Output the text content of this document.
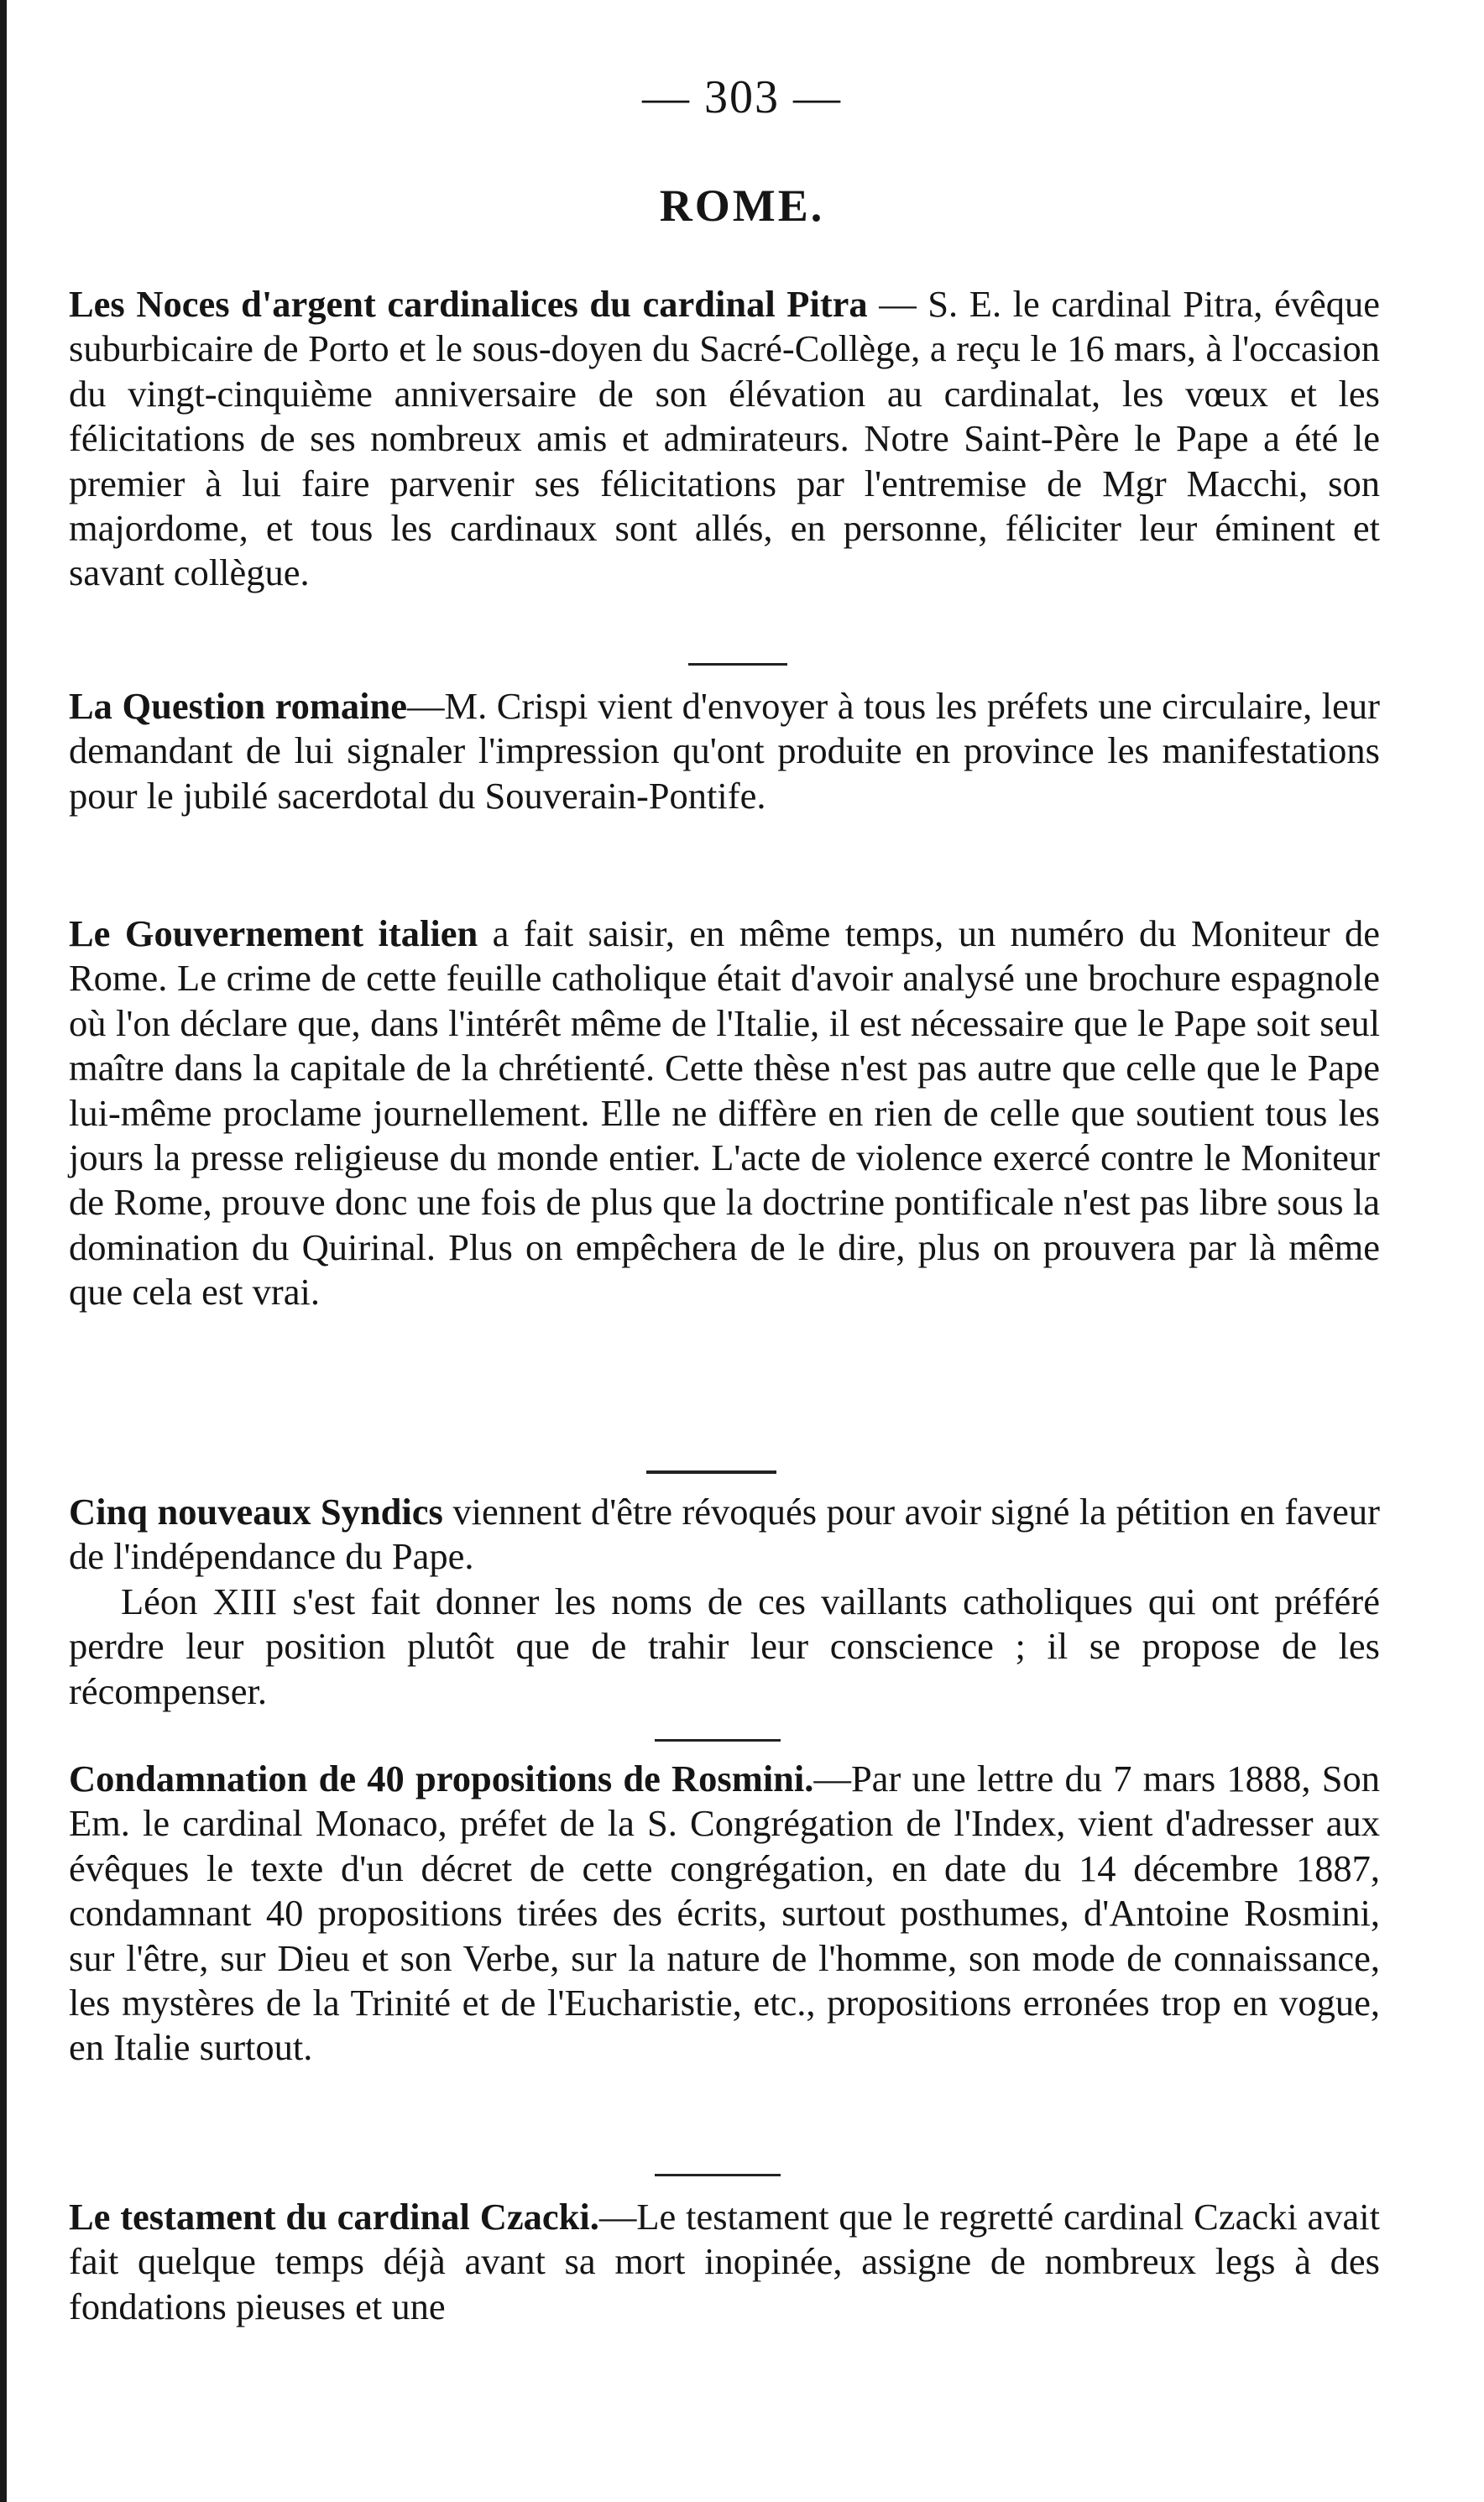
— 303 —
ROME.

Les Noces d'argent cardinalices du cardinal Pitra — S. E. le cardinal Pitra, évêque suburbicaire de Porto et le sous-doyen du Sacré-Collège, a reçu le 16 mars, à l'occasion du vingt-cinquième anniversaire de son élévation au cardinalat, les vœux et les félicitations de ses nombreux amis et admirateurs. Notre Saint-Père le Pape a été le premier à lui faire parvenir ses félicitations par l'entremise de Mgr Macchi, son majordome, et tous les cardinaux sont allés, en personne, féliciter leur éminent et savant collègue.

La Question romaine—M. Crispi vient d'envoyer à tous les préfets une circulaire, leur demandant de lui signaler l'impression qu'ont produite en province les manifestations pour le jubilé sacerdotal du Souverain-Pontife.

Le Gouvernement italien a fait saisir, en même temps, un numéro du Moniteur de Rome. Le crime de cette feuille catholique était d'avoir analysé une brochure espagnole où l'on déclare que, dans l'intérêt même de l'Italie, il est nécessaire que le Pape soit seul maître dans la capitale de la chrétienté. Cette thèse n'est pas autre que celle que le Pape lui-même proclame journellement. Elle ne diffère en rien de celle que soutient tous les jours la presse religieuse du monde entier. L'acte de violence exercé contre le Moniteur de Rome, prouve donc une fois de plus que la doctrine pontificale n'est pas libre sous la domination du Quirinal. Plus on empêchera de le dire, plus on prouvera par là même que cela est vrai.

Cinq nouveaux Syndics viennent d'être révoqués pour avoir signé la pétition en faveur de l'indépendance du Pape.
Léon XIII s'est fait donner les noms de ces vaillants catholiques qui ont préféré perdre leur position plutôt que de trahir leur conscience ; il se propose de les récompenser.

Condamnation de 40 propositions de Rosmini.—Par une lettre du 7 mars 1888, Son Em. le cardinal Monaco, préfet de la S. Congrégation de l'Index, vient d'adresser aux évêques le texte d'un décret de cette congrégation, en date du 14 décembre 1887, condamnant 40 propositions tirées des écrits, surtout posthumes, d'Antoine Rosmini, sur l'être, sur Dieu et son Verbe, sur la nature de l'homme, son mode de connaissance, les mystères de la Trinité et de l'Eucharistie, etc., propositions erronées trop en vogue, en Italie surtout.

Le testament du cardinal Czacki.—Le testament que le regretté cardinal Czacki avait fait quelque temps déjà avant sa mort inopinée, assigne de nombreux legs à des fondations pieuses et une
